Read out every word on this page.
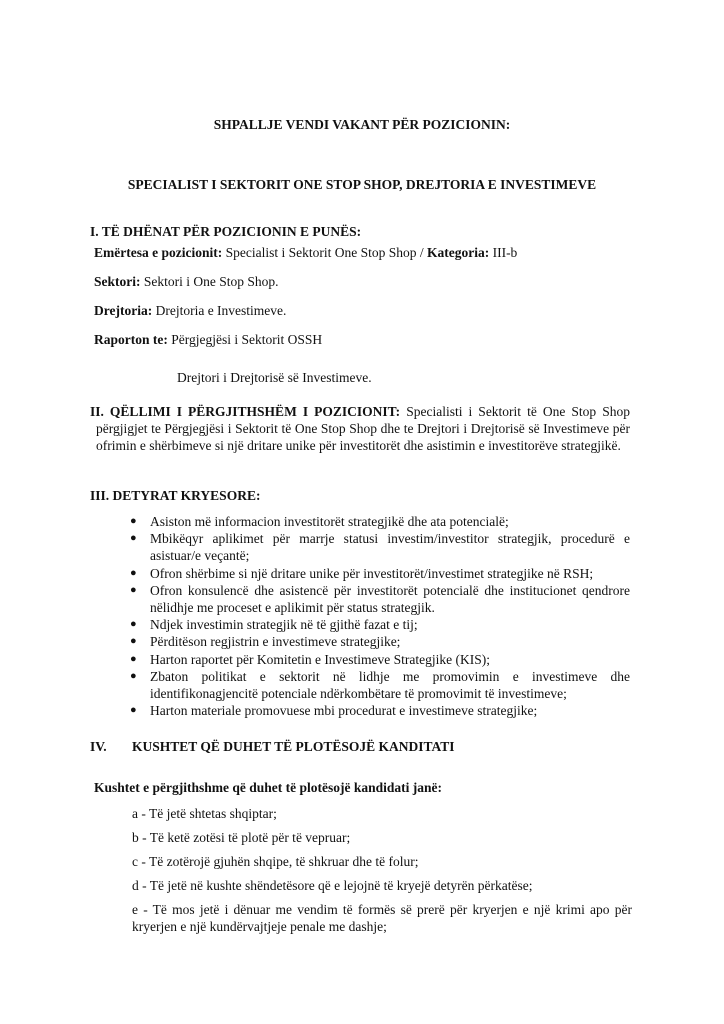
SHPALLJE VENDI VAKANT PËR POZICIONIN:
SPECIALIST I SEKTORIT ONE STOP SHOP, DREJTORIA E INVESTIMEVE
I. TË DHËNAT PËR POZICIONIN E PUNËS:
Emërtesa e pozicionit: Specialist i Sektorit One Stop Shop / Kategoria: III-b
Sektori: Sektori i One Stop Shop.
Drejtoria: Drejtoria e Investimeve.
Raporton te: Përgjegjësi i Sektorit OSSH
Drejtori i Drejtorisë së Investimeve.
II. QËLLIMI I PËRGJITHSHËM I POZICIONIT: Specialisti i Sektorit të One Stop Shop përgjigjet te Përgjegjësi i Sektorit të One Stop Shop dhe te Drejtori i Drejtorisë së Investimeve për ofrimin e shërbimeve si një dritare unike për investitorët dhe asistimin e investitorëve strategjikë.
III. DETYRAT KRYESORE:
● Asiston më informacion investitorët strategjikë dhe ata potencialë;
● Mbikëqyr aplikimet për marrje statusi investim/investitor strategjik, procedurë e asistuar/e veçantë;
● Ofron shërbime si një dritare unike për investitorët/investimet strategjike në RSH;
● Ofron konsulencë dhe asistencë për investitorët potencialë dhe institucionet qendrore nëlidhje me proceset e aplikimit për status strategjik.
● Ndjek investimin strategjik në të gjithë fazat e tij;
● Përditëson regjistrin e investimeve strategjike;
● Harton raportet për Komitetin e Investimeve Strategjike (KIS);
● Zbaton politikat e sektorit në lidhje me promovimin e investimeve dhe identifikonagjencitë potenciale ndërkombëtare të promovimit të investimeve;
● Harton materiale promovuese mbi procedurat e investimeve strategjike;
IV. KUSHTET QË DUHET TË PLOTËSOJË KANDITATI
Kushtet e përgjithshme që duhet të plotësojë kandidati janë:
a - Të jetë shtetas shqiptar;
b - Të ketë zotësi të plotë për të vepruar;
c - Të zotërojë gjuhën shqipe, të shkruar dhe të folur;
d - Të jetë në kushte shëndetësore që e lejojnë të kryejë detyrën përkatëse;
e - Të mos jetë i dënuar me vendim të formës së prerë për kryerjen e një krimi apo për kryerjen e një kundërvajtjeje penale me dashje;
